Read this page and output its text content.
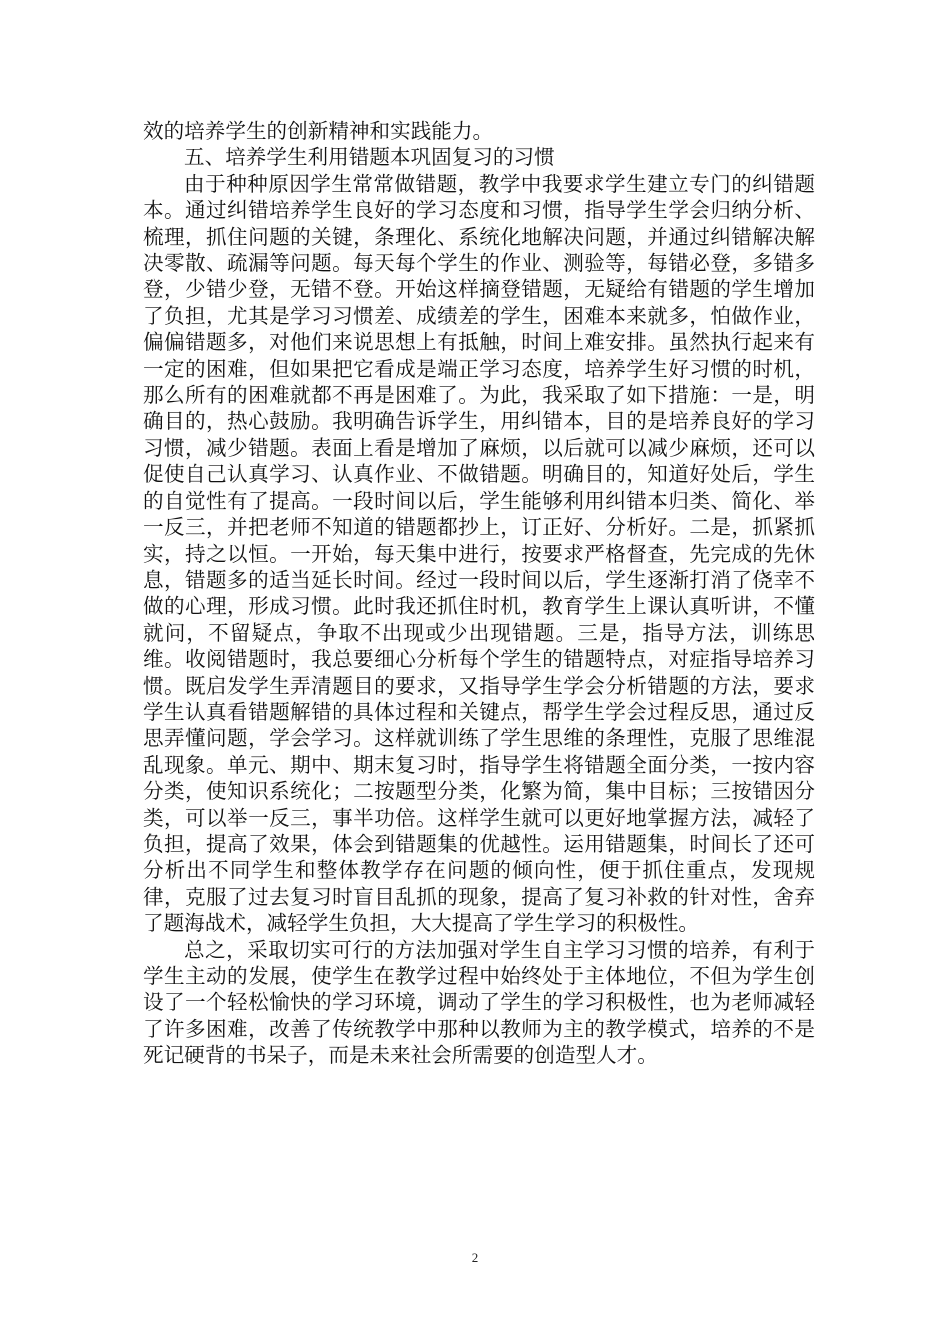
效的培养学生的创新精神和实践能力。

五、培养学生利用错题本巩固复习的习惯

由于种种原因学生常常做错题，教学中我要求学生建立专门的纠错题本。通过纠错培养学生良好的学习态度和习惯，指导学生学会归纳分析、梳理，抓住问题的关键，条理化、系统化地解决问题，并通过纠错解决解决零散、疏漏等问题。每天每个学生的作业、测验等，每错必登，多错多登，少错少登，无错不登。开始这样摘登错题，无疑给有错题的学生增加了负担，尤其是学习习惯差、成绩差的学生，困难本来就多，怕做作业，偏偏错题多，对他们来说思想上有抵触，时间上难安排。虽然执行起来有一定的困难，但如果把它看成是端正学习态度，培养学生好习惯的时机，那么所有的困难就都不再是困难了。为此，我采取了如下措施：一是，明确目的，热心鼓励。我明确告诉学生，用纠错本，目的是培养良好的学习习惯，减少错题。表面上看是增加了麻烦，以后就可以减少麻烦，还可以促使自己认真学习、认真作业、不做错题。明确目的，知道好处后，学生的自觉性有了提高。一段时间以后，学生能够利用纠错本归类、简化、举一反三，并把老师不知道的错题都抄上，订正好、分析好。二是，抓紧抓实，持之以恒。一开始，每天集中进行，按要求严格督查，先完成的先休息，错题多的适当延长时间。经过一段时间以后，学生逐渐打消了侥幸不做的心理，形成习惯。此时我还抓住时机，教育学生上课认真听讲，不懂就问，不留疑点，争取不出现或少出现错题。三是，指导方法，训练思维。收阅错题时，我总要细心分析每个学生的错题特点，对症指导培养习惯。既启发学生弄清题目的要求，又指导学生学会分析错题的方法，要求学生认真看错题解错的具体过程和关键点，帮学生学会过程反思，通过反思弄懂问题，学会学习。这样就训练了学生思维的条理性，克服了思维混乱现象。单元、期中、期末复习时，指导学生将错题全面分类，一按内容分类，使知识系统化；二按题型分类，化繁为简，集中目标；三按错因分类，可以举一反三，事半功倍。这样学生就可以更好地掌握方法，减轻了负担，提高了效果，体会到错题集的优越性。运用错题集，时间长了还可分析出不同学生和整体教学存在问题的倾向性，便于抓住重点，发现规律，克服了过去复习时盲目乱抓的现象，提高了复习补救的针对性，舍弃了题海战术，减轻学生负担，大大提高了学生学习的积极性。

总之，采取切实可行的方法加强对学生自主学习习惯的培养，有利于学生主动的发展，使学生在教学过程中始终处于主体地位，不但为学生创设了一个轻松愉快的学习环境，调动了学生的学习积极性，也为老师减轻了许多困难，改善了传统教学中那种以教师为主的教学模式，培养的不是死记硬背的书呆子，而是未来社会所需要的创造型人才。

2
